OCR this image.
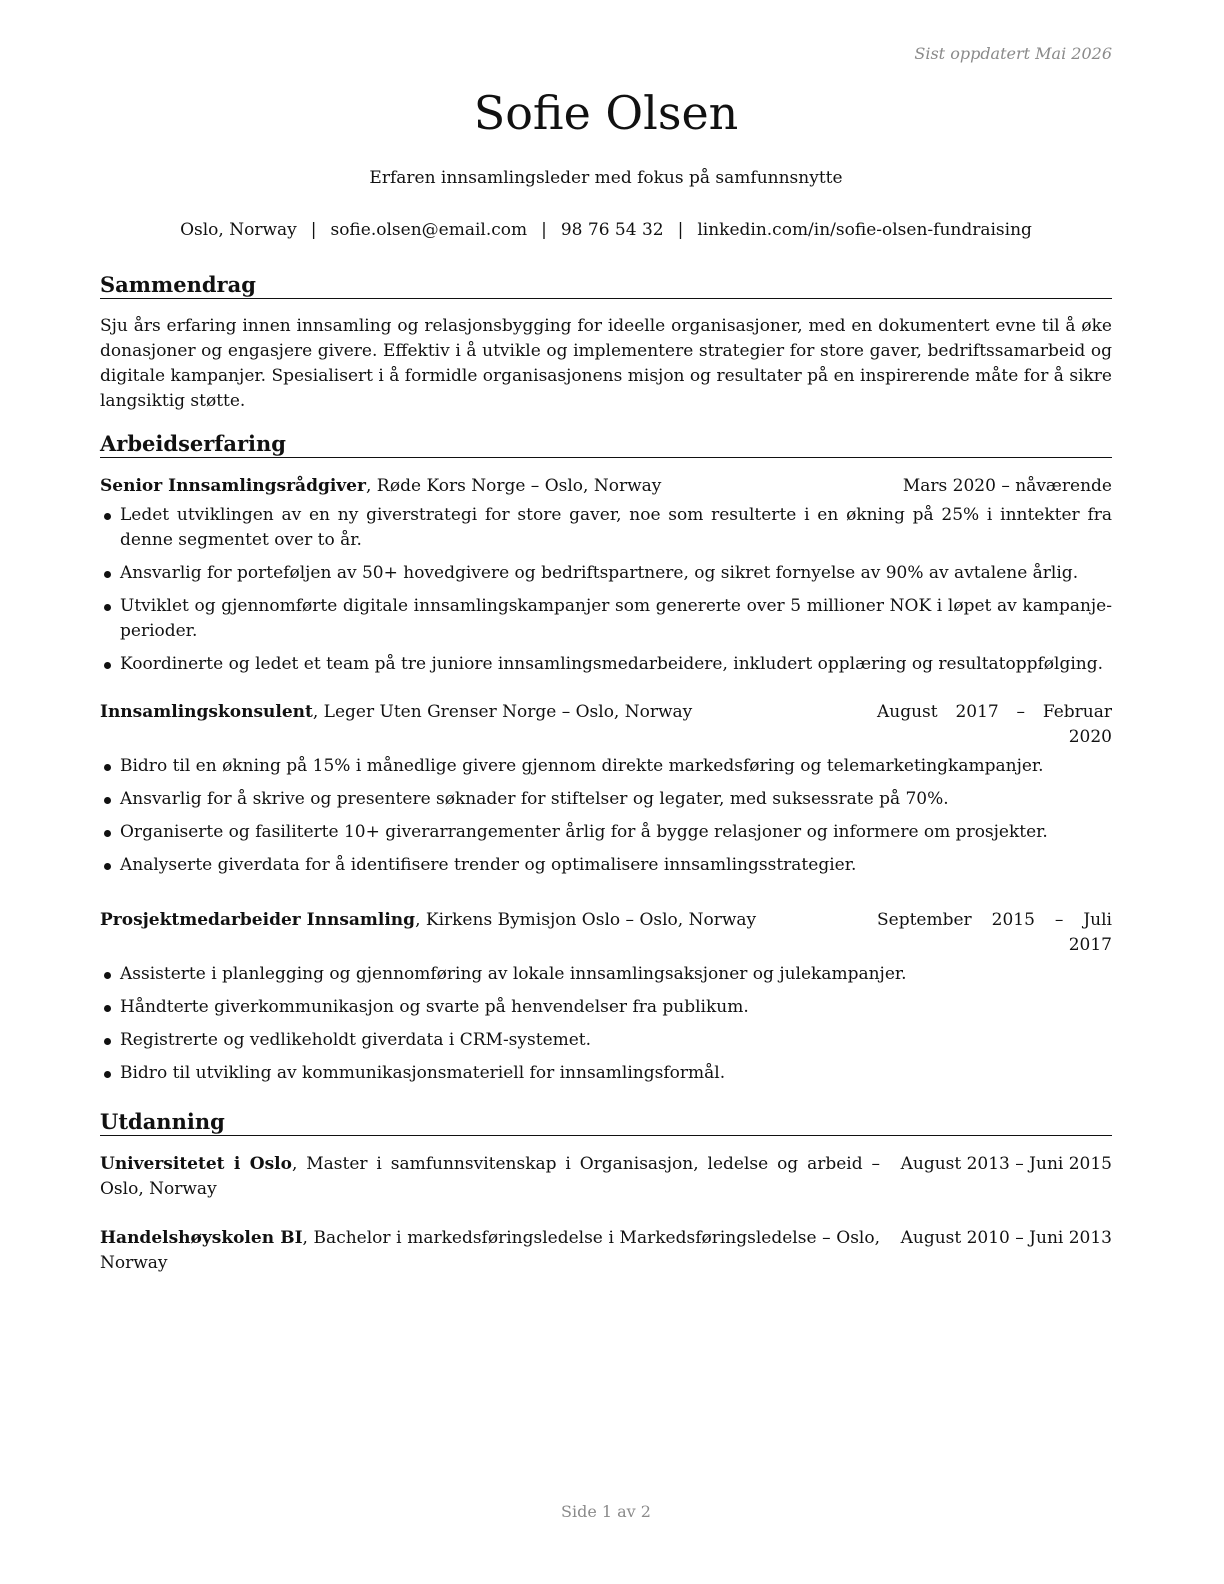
Sist oppdatert Mai 2026
Sofie Olsen
Erfaren innsamlingsleder med fokus på samfunnsnytte
Oslo, Norway | sofie.olsen@email.com | 98 76 54 32 | linkedin.com/in/sofie-olsen-fundraising
Sammendrag

Sju års erfaring innen innsamling og relasjonsbygging for ideelle organisasjoner, med en dokumentert evne til å øke donasjoner og engasjere givere. Effektiv i å utvikle og implementere strategier for store gaver, bedriftssamarbeid og digitale kampanjer. Spesialisert i å formidle organisasjonens misjon og resultater på en inspirerende måte for å sikre langsiktig støtte.

Arbeidserfaring
Senior Innsamlingsrådgiver, Røde Kors Norge – Oslo, Norway	Mars 2020 – nåværende
Ledet utviklingen av en ny giverstrategi for store gaver, noe som resulterte i en økning på 25% i inntekter fra denne segmentet over to år.
Ansvarlig for porteføljen av 50+ hovedgivere og bedriftspartnere, og sikret fornyelse av 90% av avtalene årlig.
Utviklet og gjennomførte digitale innsamlingskampanjer som genererte over 5 millioner NOK i løpet av kampanjeperioder.
Koordinerte og ledet et team på tre juniore innsamlingsmedarbeidere, inkludert opplæring og resultatoppfølging.
Innsamlingskonsulent, Leger Uten Grenser Norge – Oslo, Norway	August 2017 – Februar 2020
Bidro til en økning på 15% i månedlige givere gjennom direkte markedsføring og telemarketingkampanjer.
Ansvarlig for å skrive og presentere søknader for stiftelser og legater, med suksessrate på 70%.
Organiserte og fasiliterte 10+ giverarrangementer årlig for å bygge relasjoner og informere om prosjekter.
Analyserte giverdata for å identifisere trender og optimalisere innsamlingsstrategier.
Prosjektmedarbeider Innsamling, Kirkens Bymisjon Oslo – Oslo, Norway	September 2015 – Juli 2017
Assisterte i planlegging og gjennomføring av lokale innsamlingsaksjoner og julekampanjer.
Håndterte giverkommunikasjon og svarte på henvendelser fra publikum.
Registrerte og vedlikeholdt giverdata i CRM-systemet.
Bidro til utvikling av kommunikasjonsmateriell for innsamlingsformål.
Utdanning
Universitetet i Oslo, Master i samfunnsvitenskap i Organisasjon, ledelse og arbeid – Oslo, Norway
August 2013 – Juni 2015
Handelshøyskolen BI, Bachelor i markedsføringsledelse i Markedsføringsledelse – Oslo, Norway
August 2010 – Juni 2013
Side 1 av 2
